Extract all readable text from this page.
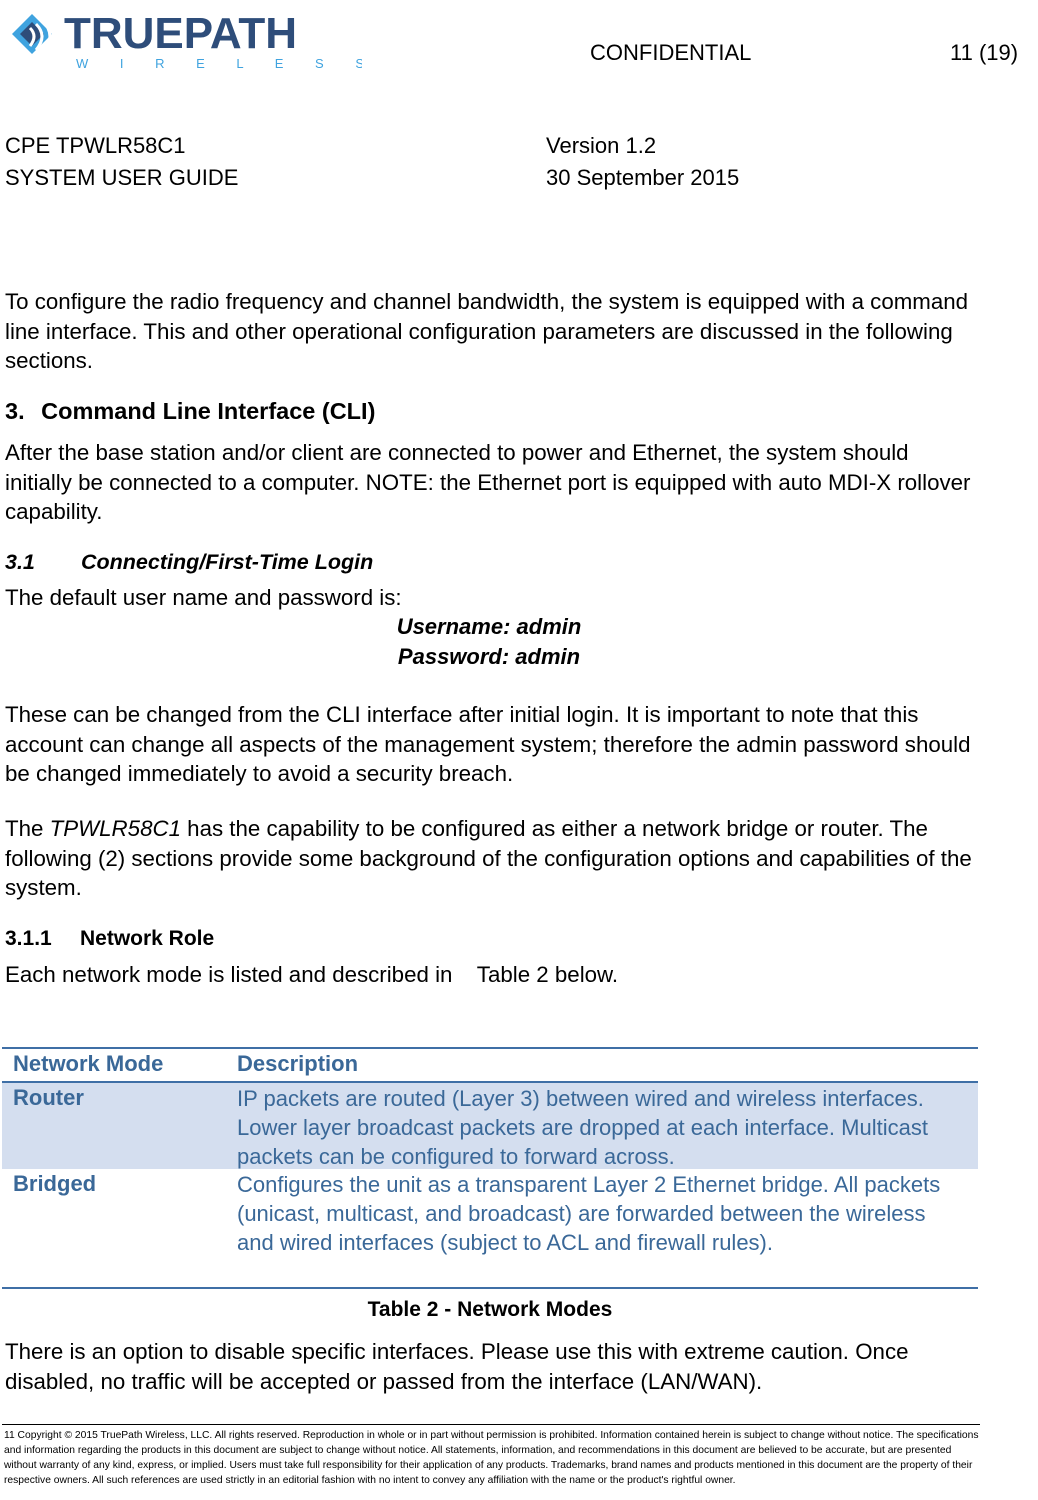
TRUEPATH
W I R E L E S S	CONFIDENTIAL	11 (19)
CPE TPWLR58C1
SYSTEM USER GUIDE
Version 1.2
30 September 2015
To configure the radio frequency and channel bandwidth, the system is equipped with a command line interface. This and other operational configuration parameters are discussed in the following sections.
3. Command Line Interface (CLI)
After the base station and/or client are connected to power and Ethernet, the system should initially be connected to a computer. NOTE: the Ethernet port is equipped with auto MDI-X rollover capability.
3.1 Connecting/First-Time Login
The default user name and password is:
Username: admin
Password: admin
These can be changed from the CLI interface after initial login. It is important to note that this account can change all aspects of the management system; therefore the admin password should be changed immediately to avoid a security breach.
The TPWLR58C1 has the capability to be configured as either a network bridge or router. The following (2) sections provide some background of the configuration options and capabilities of the system.
3.1.1 Network Role
Each network mode is listed and described in    Table 2 below.
Network Mode	Description
Router	IP packets are routed (Layer 3) between wired and wireless interfaces. Lower layer broadcast packets are dropped at each interface. Multicast packets can be configured to forward across.
Bridged	Configures the unit as a transparent Layer 2 Ethernet bridge. All packets (unicast, multicast, and broadcast) are forwarded between the wireless and wired interfaces (subject to ACL and firewall rules).
Table 2 - Network Modes
There is an option to disable specific interfaces. Please use this with extreme caution. Once disabled, no traffic will be accepted or passed from the interface (LAN/WAN).
11 Copyright © 2015 TruePath Wireless, LLC. All rights reserved. Reproduction in whole or in part without permission is prohibited. Information contained herein is subject to change without notice. The specifications and information regarding the products in this document are subject to change without notice. All statements, information, and recommendations in this document are believed to be accurate, but are presented without warranty of any kind, express, or implied. Users must take full responsibility for their application of any products. Trademarks, brand names and products mentioned in this document are the property of their respective owners. All such references are used strictly in an editorial fashion with no intent to convey any affiliation with the name or the product's rightful owner.
